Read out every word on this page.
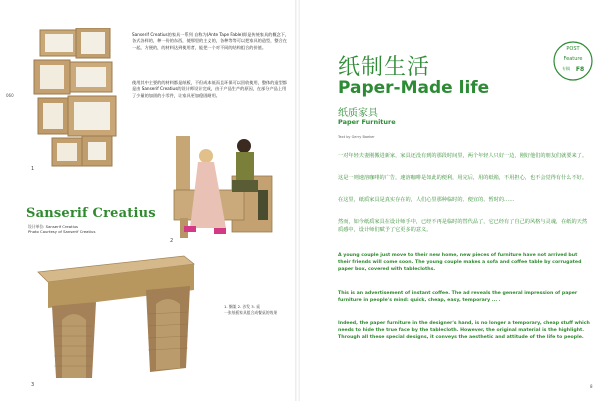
060
1
Sanserif Creatius的家具一系列 自称为(Ante Tape Fable)即是传统家具的概念下，各式各样的，种一份的东西，使那里的主义的，各种等等可以把家具的造型，整合在一起，方便的，的材料达到使用者，能把一个对不同的结构组合的价值。
使用其中主要的的材料都是纸板，不但成本低而且环保可以回收使用，整体的造型都是由 Sanserif Creatius的设计师设计完成，由于产品生产的原因，在部分产品上用了少量的加固的小零件，让家具更加稳固耐用。
Sanserif Creatius
设计单位: Sanserif Creatius
Photo Courtesy of Sanserif Creatius
2
3
1. 搁架 2. 沙发 3. 桌
一张纸板家具组合成餐桌的效果
纸制生活
Paper-Made life
纸质家具
Paper Furniture
Text by Gerry Baeker
POST
Feature
专稿 F8
一对年轻夫妻刚搬进新家，家具还没有到的那段时间里，两个年轻人只好一边，刚好他们的朋友们就要来了。
这是一则速溶咖啡的广告，速溶咖啡是如此的便利，用完后，用的纸箱，不用担心，也不会觉得有什么不好。
在这里，纸质家具是真实存在的，人们心里那种临时的、便宜的、暂时的……
然而，如今纸质家具在设计师手中，已经不再是临时的替代品了，它已经有了自己的风格与灵魂，在纸的天然质感中，设计师们赋予了它更多的意义。
A young couple just move to their new home, new pieces of furniture have not arrived but their friends will come soon. The young couple makes a sofa and coffee table by corrugated paper box, covered with tablecloths.
This is an advertisement of instant coffee. The ad reveals the general impression of paper furniture in people's mind: quick, cheap, easy, temporary ... .
Indeed, the paper furniture in the designer's hand, is no longer a temporary, cheap stuff which needs to hide the true face by the tablecloth. However, the original material is the highlight. Through all these special designs, it conveys the aesthetic and attitude of the life to people.
8
